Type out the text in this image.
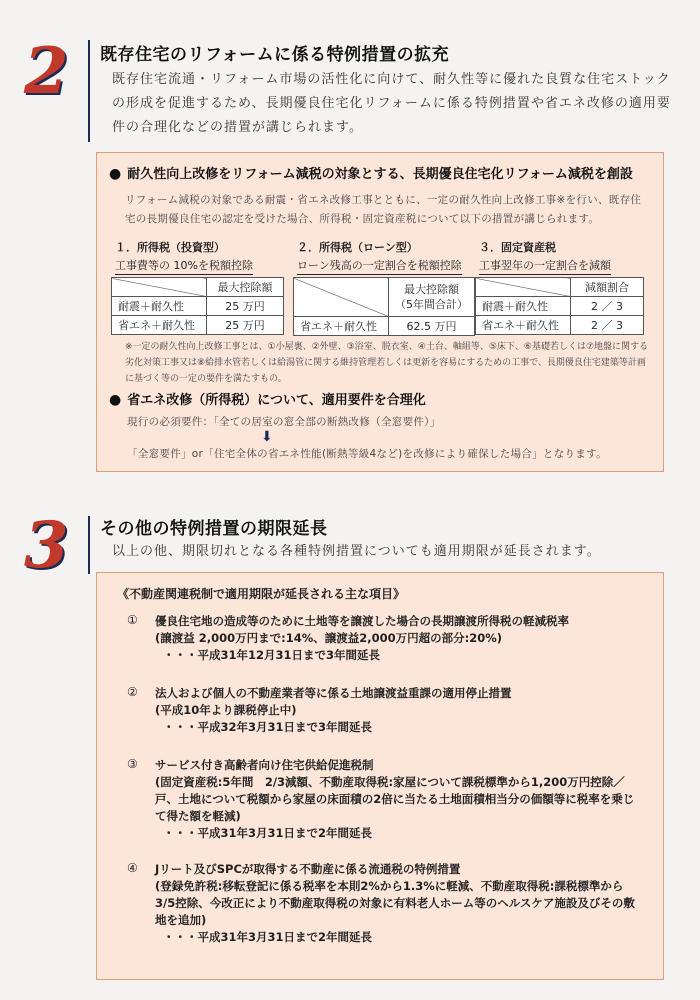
2 既存住宅のリフォームに係る特例措置の拡充
既存住宅流通・リフォーム市場の活性化に向けて、耐久性等に優れた良質な住宅ストックの形成を促進するため、長期優良住宅化リフォームに係る特例措置や省エネ改修の適用要件の合理化などの措置が講じられます。
● 耐久性向上改修をリフォーム減税の対象とする、長期優良住宅化リフォーム減税を創設
リフォーム減税の対象である耐震・省エネ改修工事とともに、一定の耐久性向上改修工事※を行い、既存住宅の長期優良住宅の認定を受けた場合、所得税・固定資産税について以下の措置が講じられます。
１．所得税（投資型）
工事費等の 10%を税額控除
	最大控除額
耐震＋耐久性	25 万円
省エネ＋耐久性	25 万円
２．所得税（ローン型）
ローン残高の一定割合を税額控除

	最大控除額
（5年間合計）

省エネ＋耐久性	62.5 万円
３．固定資産税
工事翌年の一定割合を減額
	減額割合
耐震＋耐久性	2 ／ 3
省エネ＋耐久性	2 ／ 3
※一定の耐久性向上改修工事とは、①小屋裏、②外壁、③浴室、脱衣室、④土台、軸組等、⑤床下、⑥基礎若しくは⑦地盤に関する劣化対策工事又は⑧給排水管若しくは給湯管に関する維持管理若しくは更新を容易にするための工事で、長期優良住宅建築等計画に基づく等の一定の要件を満たすもの。
● 省エネ改修（所得税）について、適用要件を合理化
現行の必須要件：「全ての居室の窓全部の断熱改修（全窓要件）」
⬇
「全窓要件」or「住宅全体の省エネ性能(断熱等級4など)を改修により確保した場合」となります。
3 その他の特例措置の期限延長
以上の他、期限切れとなる各種特例措置についても適用期限が延長されます。
《不動産関連税制で適用期限が延長される主な項目》
① 優良住宅地の造成等のために土地等を譲渡した場合の長期譲渡所得税の軽減税率
(譲渡益 2,000万円まで:14%、譲渡益2,000万円超の部分:20%)
・・・平成31年12月31日まで3年間延長
② 法人および個人の不動産業者等に係る土地譲渡益重課の適用停止措置
(平成10年より課税停止中)
・・・平成32年3月31日まで3年間延長
③ サービス付き高齢者向け住宅供給促進税制
(固定資産税:5年間　2/3減額、不動産取得税:家屋について課税標準から1,200万円控除／戸、土地について税額から家屋の床面積の2倍に当たる土地面積相当分の価額等に税率を乗じて得た額を軽減)
・・・平成31年3月31日まで2年間延長
④ Jリート及びSPCが取得する不動産に係る流通税の特例措置
(登録免許税:移転登記に係る税率を本則2%から1.3%に軽減、不動産取得税:課税標準から3/5控除、今改正により不動産取得税の対象に有料老人ホーム等のヘルスケア施設及びその敷地を追加)
・・・平成31年3月31日まで2年間延長
